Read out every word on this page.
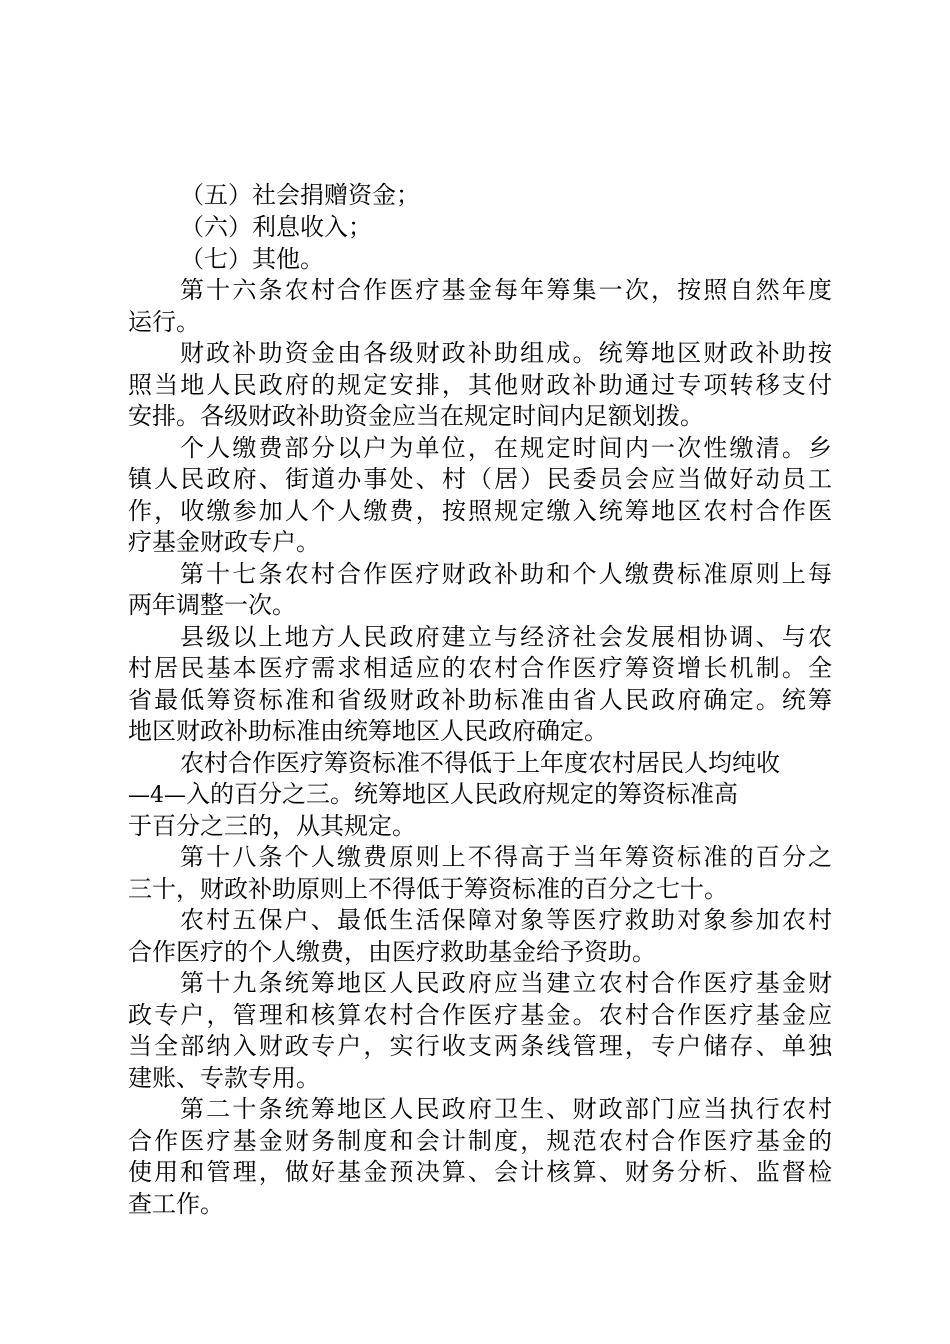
（五）社会捐赠资金；
（六）利息收入；
（七）其他。
第十六条农村合作医疗基金每年筹集一次，按照自然年度
运行。
财政补助资金由各级财政补助组成。统筹地区财政补助按
照当地人民政府的规定安排，其他财政补助通过专项转移支付
安排。各级财政补助资金应当在规定时间内足额划拨。
个人缴费部分以户为单位，在规定时间内一次性缴清。乡
镇人民政府、街道办事处、村（居）民委员会应当做好动员工
作，收缴参加人个人缴费，按照规定缴入统筹地区农村合作医
疗基金财政专户。
第十七条农村合作医疗财政补助和个人缴费标准原则上每
两年调整一次。
县级以上地方人民政府建立与经济社会发展相协调、与农
村居民基本医疗需求相适应的农村合作医疗筹资增长机制。全
省最低筹资标准和省级财政补助标准由省人民政府确定。统筹
地区财政补助标准由统筹地区人民政府确定。
农村合作医疗筹资标准不得低于上年度农村居民人均纯收
—4—入的百分之三。统筹地区人民政府规定的筹资标准高
于百分之三的，从其规定。
第十八条个人缴费原则上不得高于当年筹资标准的百分之
三十，财政补助原则上不得低于筹资标准的百分之七十。
农村五保户、最低生活保障对象等医疗救助对象参加农村
合作医疗的个人缴费，由医疗救助基金给予资助。
第十九条统筹地区人民政府应当建立农村合作医疗基金财
政专户，管理和核算农村合作医疗基金。农村合作医疗基金应
当全部纳入财政专户，实行收支两条线管理，专户储存、单独
建账、专款专用。
第二十条统筹地区人民政府卫生、财政部门应当执行农村
合作医疗基金财务制度和会计制度，规范农村合作医疗基金的
使用和管理，做好基金预决算、会计核算、财务分析、监督检
查工作。
